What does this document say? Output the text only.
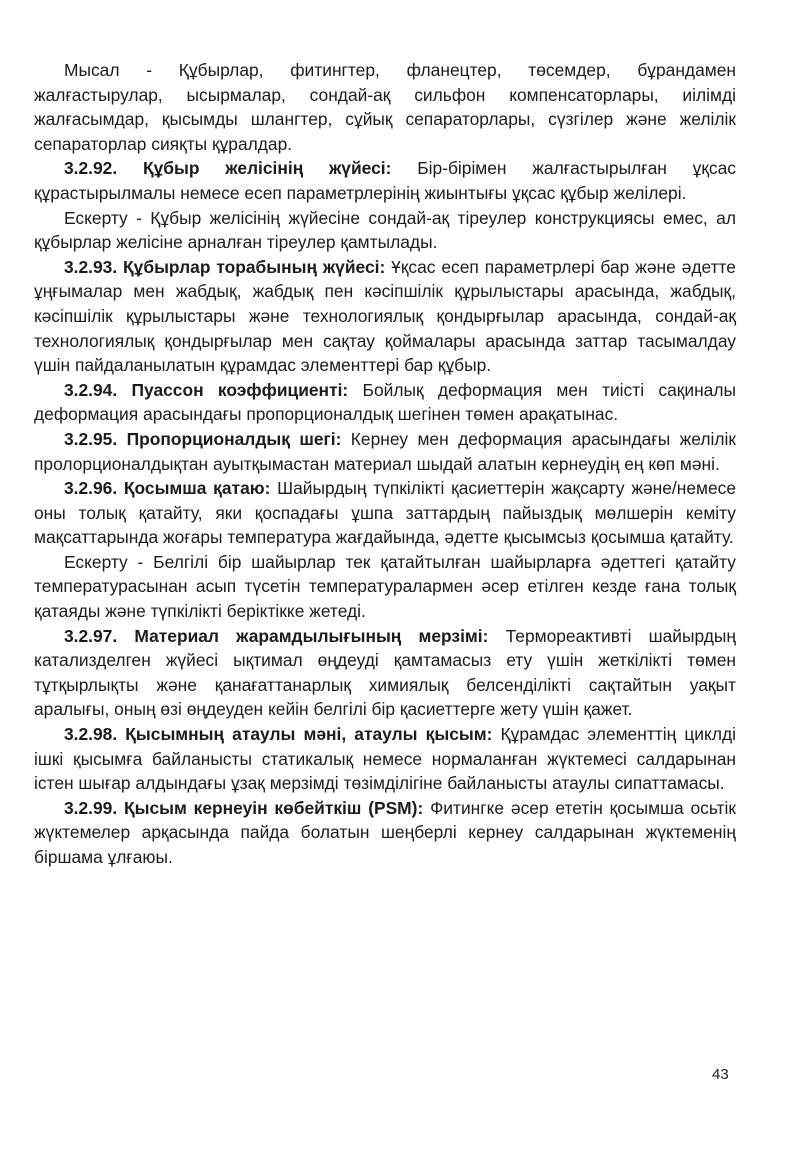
Мысал - Құбырлар, фитингтер, фланецтер, төсемдер, бұрандамен жалғастырулар, ысырмалар, сондай-ақ сильфон компенсаторлары, иілімді жалғасымдар, қысымды шлангтер, сұйық сепараторлары, сүзгілер және желілік сепараторлар сияқты құралдар.

3.2.92. Құбыр желісінің жүйесі: Бір-бірімен жалғастырылған ұқсас құрастырылмалы немесе есеп параметрлерінің жиынтығы ұқсас құбыр желілері.

Ескерту - Құбыр желісінің жүйесіне сондай-ақ тіреулер конструкциясы емес, ал құбырлар желісіне арналған тіреулер қамтылады.

3.2.93. Құбырлар торабының жүйесі: Ұқсас есеп параметрлері бар және әдетте ұңғымалар мен жабдық, жабдық пен кәсіпшілік құрылыстары арасында, жабдық, кәсіпшілік құрылыстары және технологиялық қондырғылар арасында, сондай-ақ технологиялық қондырғылар мен сақтау қоймалары арасында заттар тасымалдау үшін пайдаланылатын құрамдас элементтері бар құбыр.

3.2.94. Пуассон коэффициенті: Бойлық деформация мен тиісті сақиналы деформация арасындағы пропорционалдық шегінен төмен арақатынас.

3.2.95. Пропорционалдық шегі: Кернеу мен деформация арасындағы желілік пролорционалдықтан ауытқымастан материал шыдай алатын кернеудің ең көп мәні.

3.2.96. Қосымша қатаю: Шайырдың түпкілікті қасиеттерін жақсарту және/немесе оны толық қатайту, яки қоспадағы ұшпа заттардың пайыздық мөлшерін кеміту мақсаттарында жоғары температура жағдайында, әдетте қысымсыз қосымша қатайту.

Ескерту - Белгілі бір шайырлар тек қатайтылған шайырларға әдеттегі қатайту температурасынан асып түсетін температуралармен әсер етілген кезде ғана толық қатаяды және түпкілікті беріктікке жетеді.

3.2.97. Материал жарамдылығының мерзімі: Термореактивті шайырдың катализделген жүйесі ықтимал өңдеуді қамтамасыз ету үшін жеткілікті төмен тұтқырлықты және қанағаттанарлық химиялық белсенділікті сақтайтын уақыт аралығы, оның өзі өңдеуден кейін белгілі бір қасиеттерге жету үшін қажет.

3.2.98. Қысымның атаулы мәні, атаулы қысым: Құрамдас элементтің циклді ішкі қысымға байланысты статикалық немесе нормаланған жүктемесі салдарынан істен шығар алдындағы ұзақ мерзімді төзімділігіне байланысты атаулы сипаттамасы.

3.2.99. Қысым кернеуін көбейткіш (PSM): Фитингке әсер ететін қосымша осьтік жүктемелер арқасында пайда болатын шеңберлі кернеу салдарынан жүктеменің біршама ұлғаюы.

43
